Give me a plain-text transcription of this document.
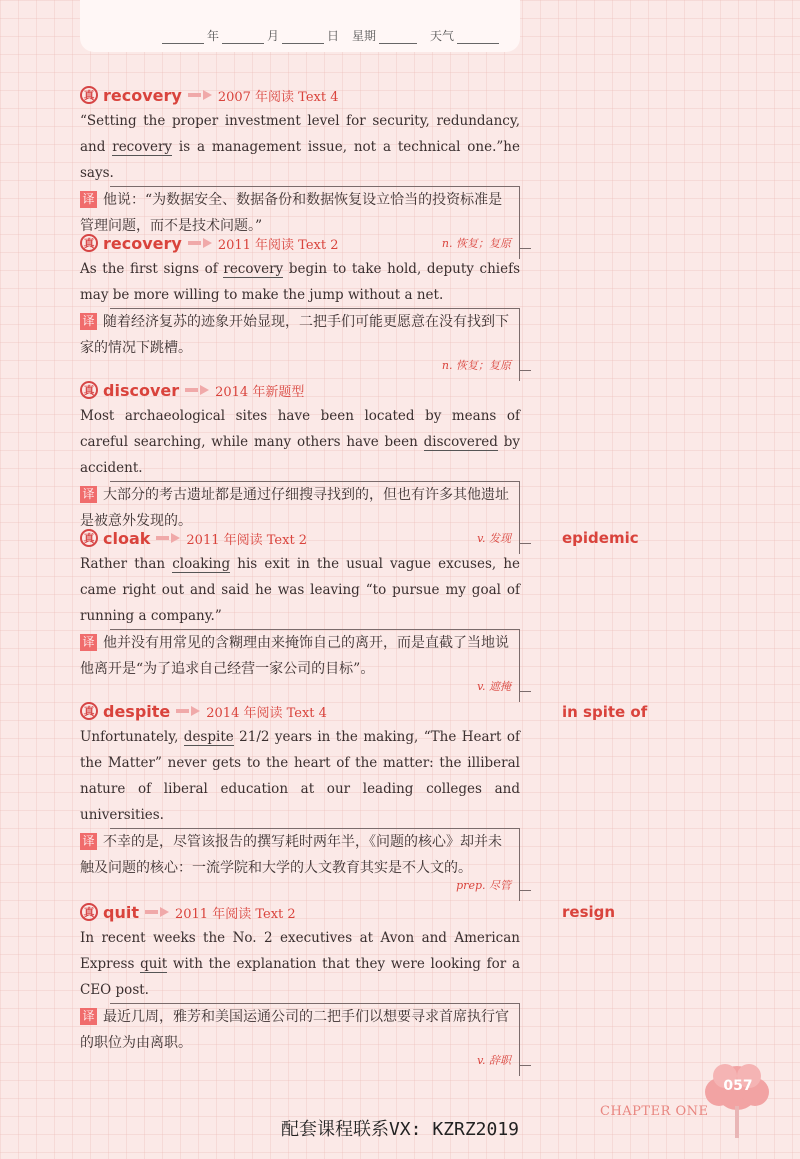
年	月	日 星期	天气
真 recovery	2007 年阅读 Text 4
“Setting the proper investment level for security, redundancy, and recovery is a management issue, not a technical one.”he says.
译 他说：“为数据安全、数据备份和数据恢复设立恰当的投资标准是管理问题，而不是技术问题。”
n. 恢复；复原
真 recovery	2011 年阅读 Text 2
As the first signs of recovery begin to take hold, deputy chiefs may be more willing to make the jump without a net.
译 随着经济复苏的迹象开始显现，二把手们可能更愿意在没有找到下家的情况下跳槽。
n. 恢复；复原
真 discover	2014 年新题型
Most archaeological sites have been located by means of careful searching, while many others have been discovered by accident.
译 大部分的考古遗址都是通过仔细搜寻找到的，但也有许多其他遗址是被意外发现的。
v. 发现
真 cloak	2011 年阅读 Text 2
Rather than cloaking his exit in the usual vague excuses, he came right out and said he was leaving “to pursue my goal of running a company.”
译 他并没有用常见的含糊理由来掩饰自己的离开，而是直截了当地说他离开是“为了追求自己经营一家公司的目标”。
v. 遮掩
真 despite	2014 年阅读 Text 4
Unfortunately, despite 21/2 years in the making, “The Heart of the Matter” never gets to the heart of the matter: the illiberal nature of liberal education at our leading colleges and universities.
译 不幸的是，尽管该报告的撰写耗时两年半，《问题的核心》却并未触及问题的核心：一流学院和大学的人文教育其实是不人文的。
prep. 尽管
真 quit	2011 年阅读 Text 2
In recent weeks the No. 2 executives at Avon and American Express quit with the explanation that they were looking for a CEO post.
译 最近几周，雅芳和美国运通公司的二把手们以想要寻求首席执行官的职位为由离职。
v. 辞职
epidemic
in spite of
resign
057
CHAPTER ONE
配套课程联系VX: KZRZ2019
